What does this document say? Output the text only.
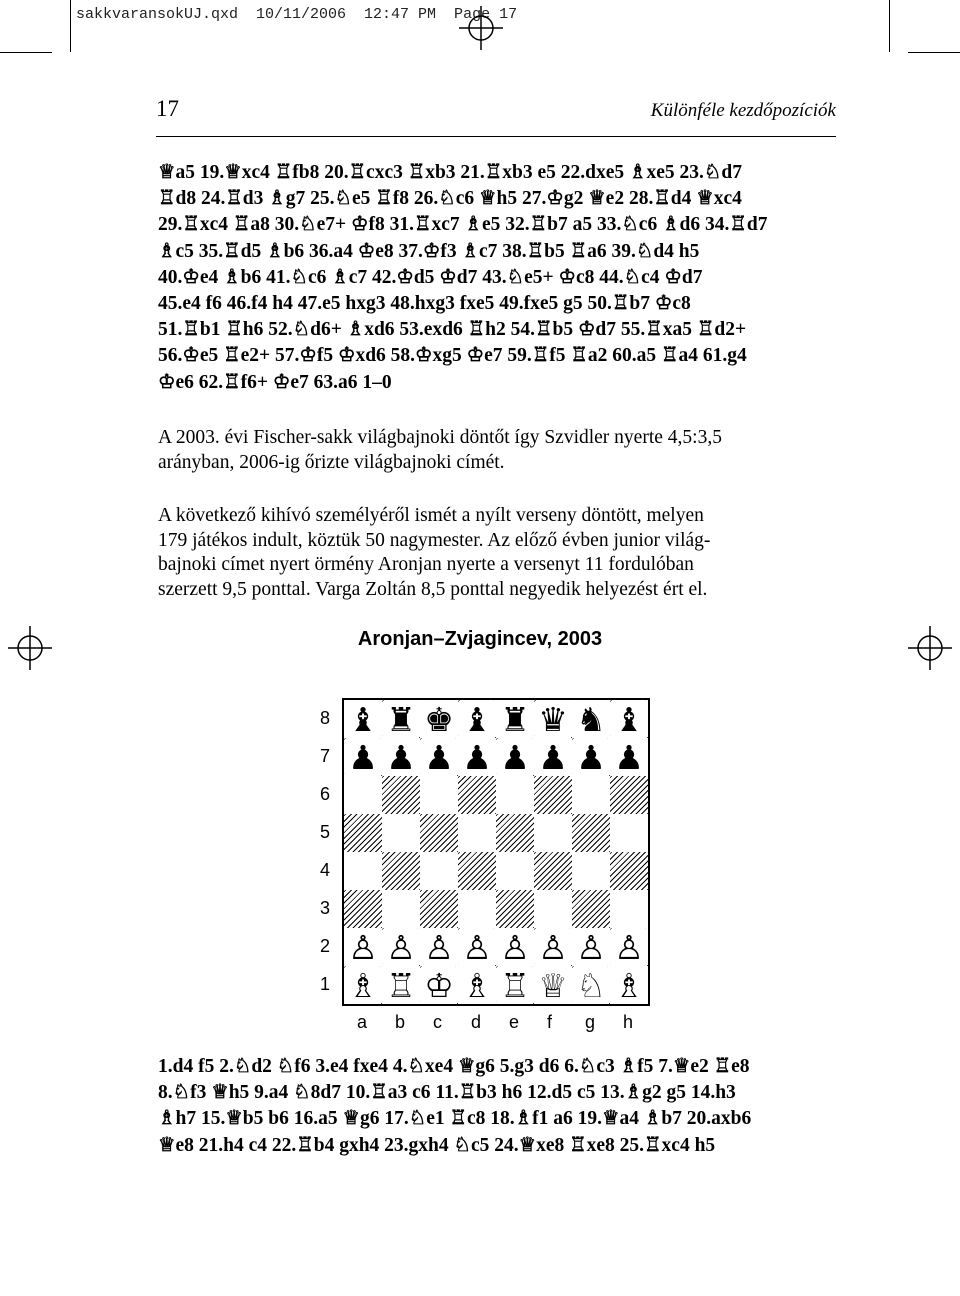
sakkvaransokUJ.qxd  10/11/2006  12:47 PM  Page 17
17	Különféle kezdőpozíciók
♕a5 19.♕xc4 ♖fb8 20.♖cxc3 ♖xb3 21.♖xb3 e5 22.dxe5 ♗xe5 23.♘d7
♖d8 24.♖d3 ♗g7 25.♘e5 ♖f8 26.♘c6 ♕h5 27.♔g2 ♕e2 28.♖d4 ♕xc4
29.♖xc4 ♖a8 30.♘e7+ ♔f8 31.♖xc7 ♗e5 32.♖b7 a5 33.♘c6 ♗d6 34.♖d7
♗c5 35.♖d5 ♗b6 36.a4 ♔e8 37.♔f3 ♗c7 38.♖b5 ♖a6 39.♘d4 h5
40.♔e4 ♗b6 41.♘c6 ♗c7 42.♔d5 ♔d7 43.♘e5+ ♔c8 44.♘c4 ♔d7
45.e4 f6 46.f4 h4 47.e5 hxg3 48.hxg3 fxe5 49.fxe5 g5 50.♖b7 ♔c8
51.♖b1 ♖h6 52.♘d6+ ♗xd6 53.exd6 ♖h2 54.♖b5 ♔d7 55.♖xa5 ♖d2+
56.♔e5 ♖e2+ 57.♔f5 ♔xd6 58.♔xg5 ♔e7 59.♖f5 ♖a2 60.a5 ♖a4 61.g4
♔e6 62.♖f6+ ♔e7 63.a6 1–0
A 2003. évi Fischer-sakk világbajnoki döntőt így Szvidler nyerte 4,5:3,5
arányban, 2006-ig őrizte világbajnoki címét.
A következő kihívó személyéről ismét a nyílt verseny döntött, melyen
179 játékos indult, köztük 50 nagymester. Az előző évben junior világ-
bajnoki címet nyert örmény Aronjan nyerte a versenyt 11 fordulóban
szerzett 9,5 ponttal. Varga Zoltán 8,5 ponttal negyedik helyezést ért el.
Aronjan–Zvjagincev, 2003
♝ ♜ ♚ ♝ ♜ ♛ ♞ ♝
♟ ♟ ♟ ♟ ♟ ♟ ♟ ♟
♙ ♙ ♙ ♙ ♙ ♙ ♙ ♙
♗ ♖ ♔ ♗ ♖ ♕ ♘ ♗
8
7
6
5
4
3
2
1
a b c d e f g h
1.d4 f5 2.♘d2 ♘f6 3.e4 fxe4 4.♘xe4 ♕g6 5.g3 d6 6.♘c3 ♗f5 7.♕e2 ♖e8
8.♘f3 ♕h5 9.a4 ♘8d7 10.♖a3 c6 11.♖b3 h6 12.d5 c5 13.♗g2 g5 14.h3
♗h7 15.♕b5 b6 16.a5 ♕g6 17.♘e1 ♖c8 18.♗f1 a6 19.♕a4 ♗b7 20.axb6
♕e8 21.h4 c4 22.♖b4 gxh4 23.gxh4 ♘c5 24.♕xe8 ♖xe8 25.♖xc4 h5
